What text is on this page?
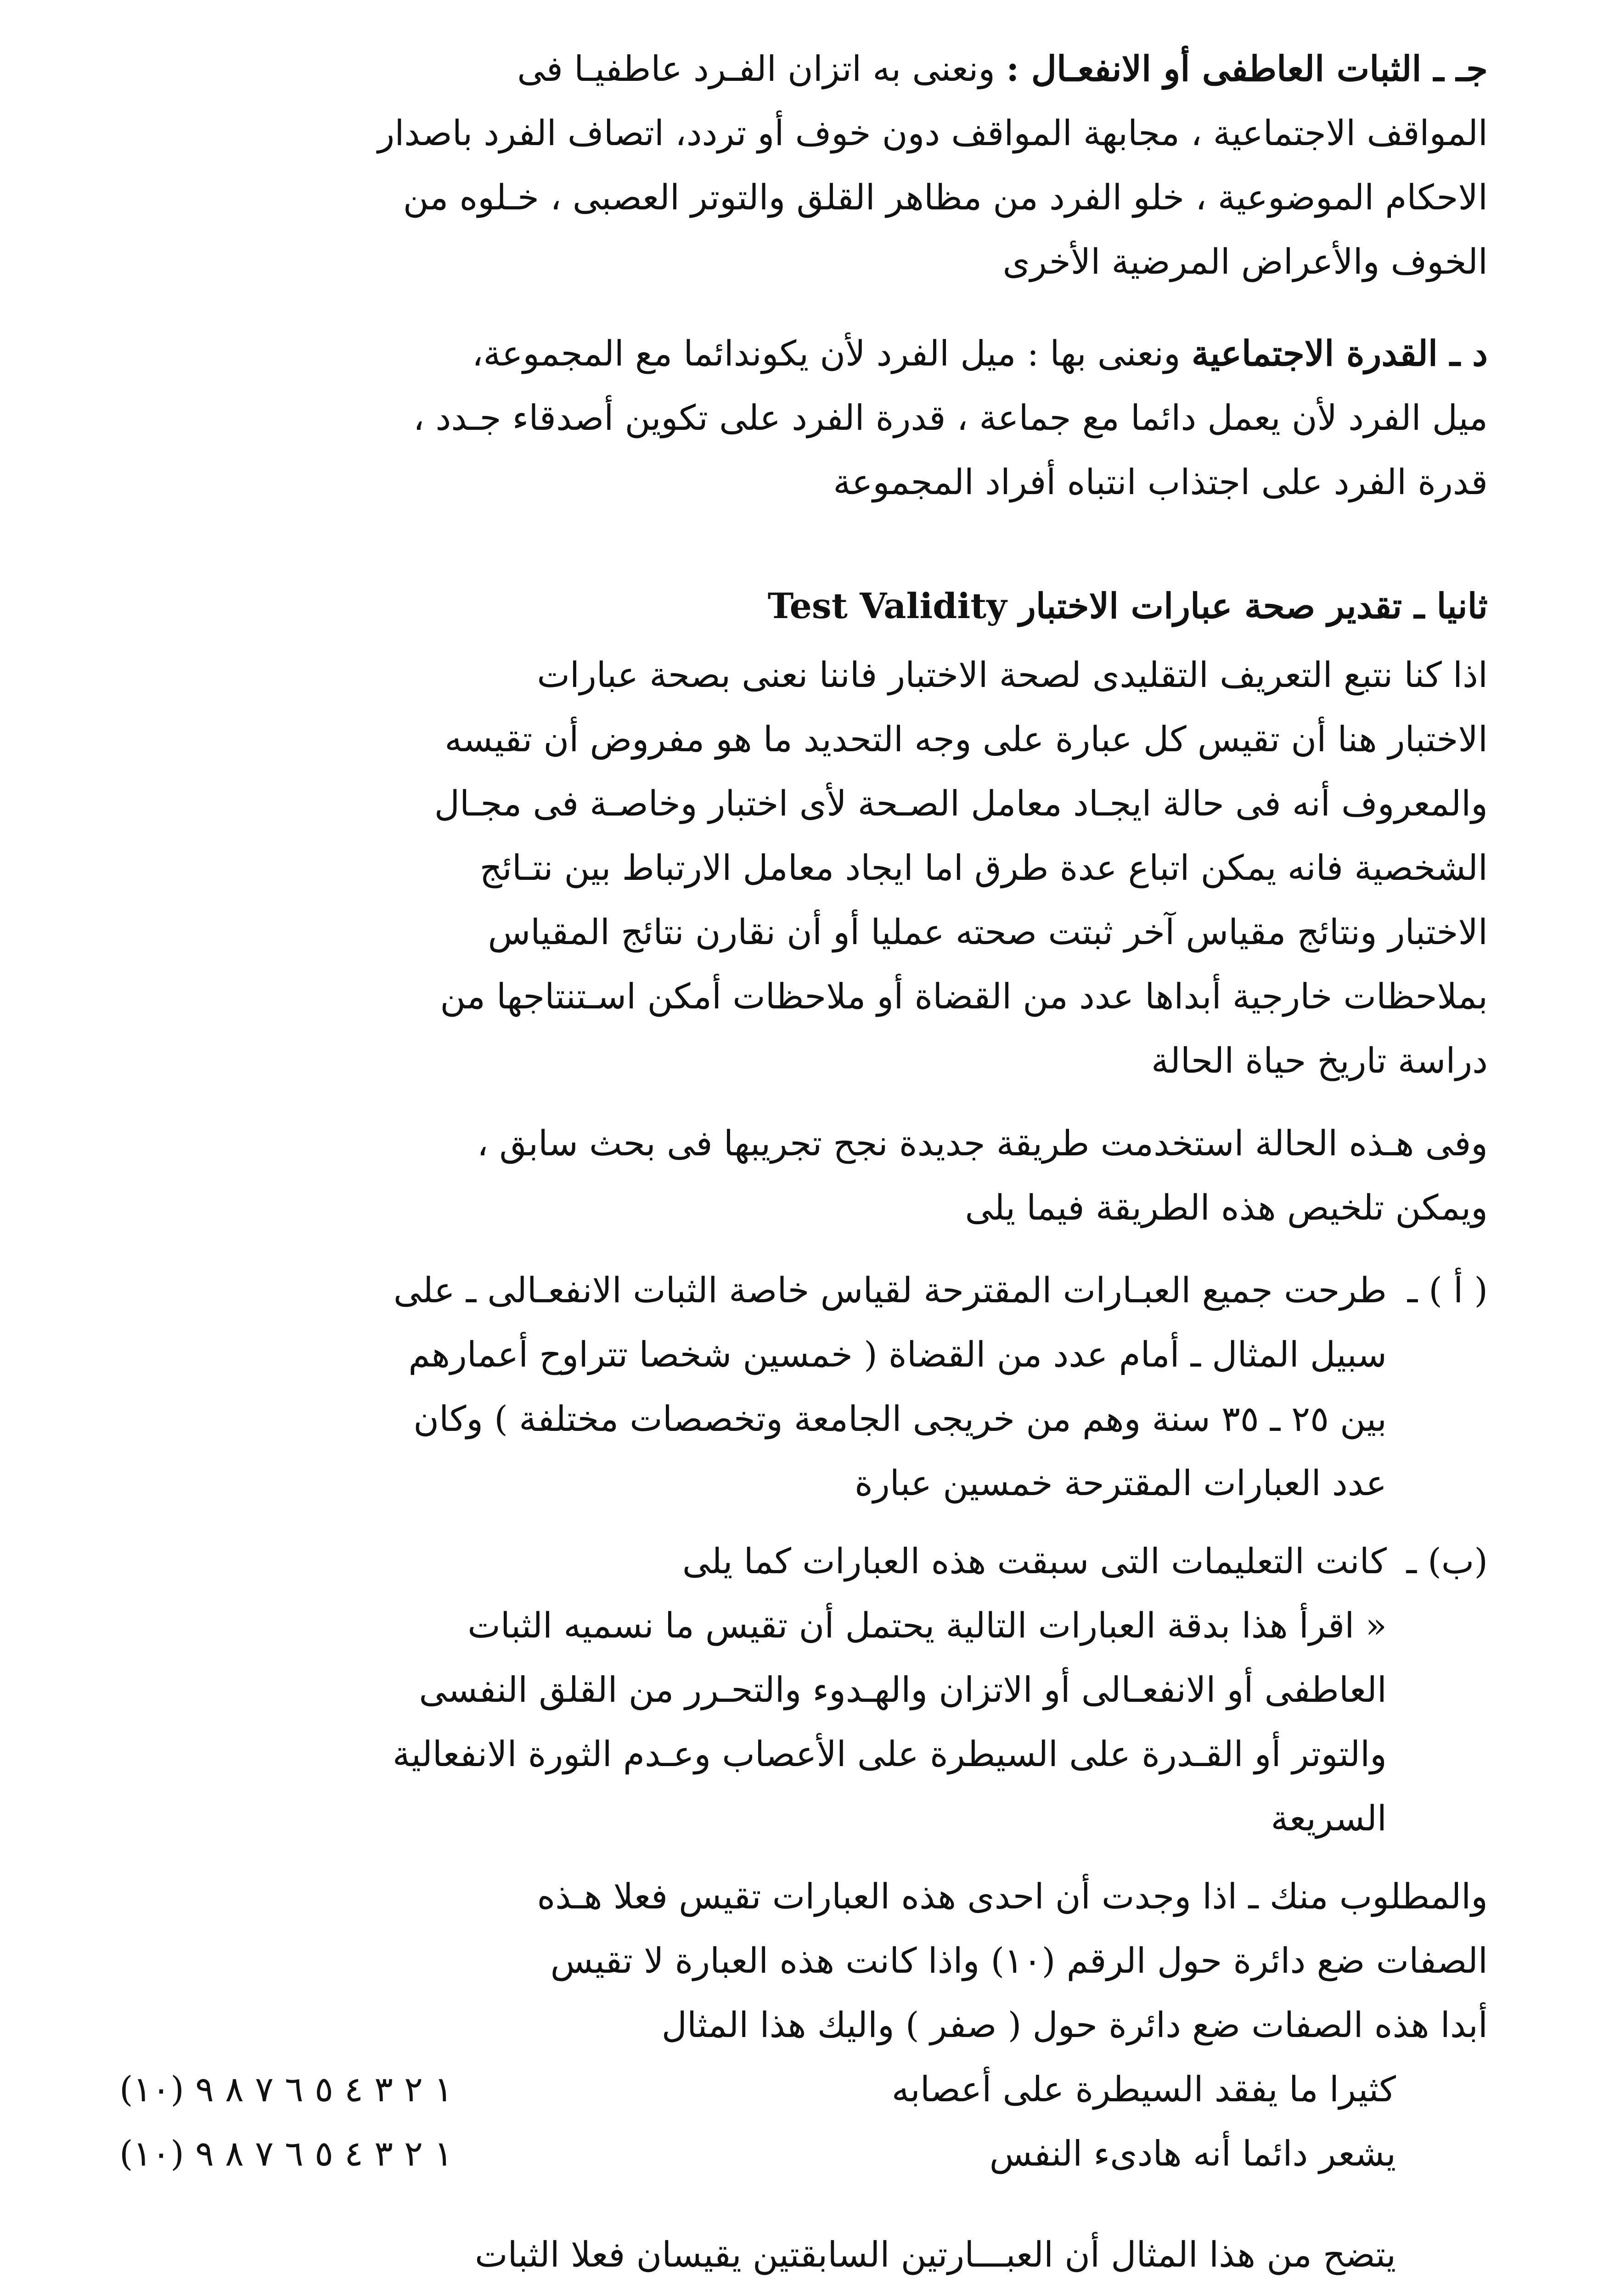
جـ ـ الثبات العاطفى أو الانفعـال : ونعنى به اتزان الفـرد عاطفيـا فى
المواقف الاجتماعية ، مجابهة المواقف دون خوف أو تردد، اتصاف الفرد باصدار
الاحكام الموضوعية ، خلو الفرد من مظاهر القلق والتوتر العصبى ، خـلوه من
الخوف والأعراض المرضية الأخرى
د ـ القدرة الاجتماعية ونعنى بها : ميل الفرد لأن يكوندائما مع المجموعة،
ميل الفرد لأن يعمل دائما مع جماعة ، قدرة الفرد على تكوين أصدقاء جـدد ،
قدرة الفرد على اجتذاب انتباه أفراد المجموعة
ثانيا ـ تقدير صحة عبارات الاختبار Test Validity
اذا كنا نتبع التعريف التقليدى لصحة الاختبار فاننا نعنى بصحة عبارات
الاختبار هنا أن تقيس كل عبارة على وجه التحديد ما هو مفروض أن تقيسه
والمعروف أنه فى حالة ايجـاد معامل الصـحة لأى اختبار وخاصـة فى مجـال
الشخصية فانه يمكن اتباع عدة طرق اما ايجاد معامل الارتباط بين نتـائج
الاختبار ونتائج مقياس آخر ثبتت صحته عمليا أو أن نقارن نتائج المقياس
بملاحظات خارجية أبداها عدد من القضاة أو ملاحظات أمكن اسـتنتاجها من
دراسة تاريخ حياة الحالة
وفى هـذه الحالة استخدمت طريقة جديدة نجح تجريبها فى بحث سابق ،
ويمكن تلخيص هذه الطريقة فيما يلى
( أ ) ـ
طرحت جميع العبـارات المقترحة لقياس خاصة الثبات الانفعـالى ـ على
سبيل المثال ـ أمام عدد من القضاة ( خمسين شخصا تتراوح أعمارهم
بين ٢٥ ـ ٣٥ سنة وهم من خريجى الجامعة وتخصصات مختلفة ) وكان
عدد العبارات المقترحة خمسين عبارة
(ب) ـ
كانت التعليمات التى سبقت هذه العبارات كما يلى
« اقرأ هذا بدقة العبارات التالية يحتمل أن تقيس ما نسميه الثبات
العاطفى أو الانفعـالى أو الاتزان والهـدوء والتحـرر من القلق النفسى
والتوتر أو القـدرة على السيطرة على الأعصاب وعـدم الثورة الانفعالية
السريعة
والمطلوب منك ـ اذا وجدت أن احدى هذه العبارات تقيس فعلا هـذه
الصفات ضع دائرة حول الرقم (١٠) واذا كانت هذه العبارة لا تقيس
أبدا هذه الصفات ضع دائرة حول ( صفر ) واليك هذا المثال
كثيرا ما يفقد السيطرة على أعصابه
١ ٢ ٣ ٤ ٥ ٦ ٧ ٨ ٩ (١٠)
يشعر دائما أنه هادىء النفس
١ ٢ ٣ ٤ ٥ ٦ ٧ ٨ ٩ (١٠)
يتضح من هذا المثال أن العبـــارتين السابقتين يقيسان فعلا الثبات
